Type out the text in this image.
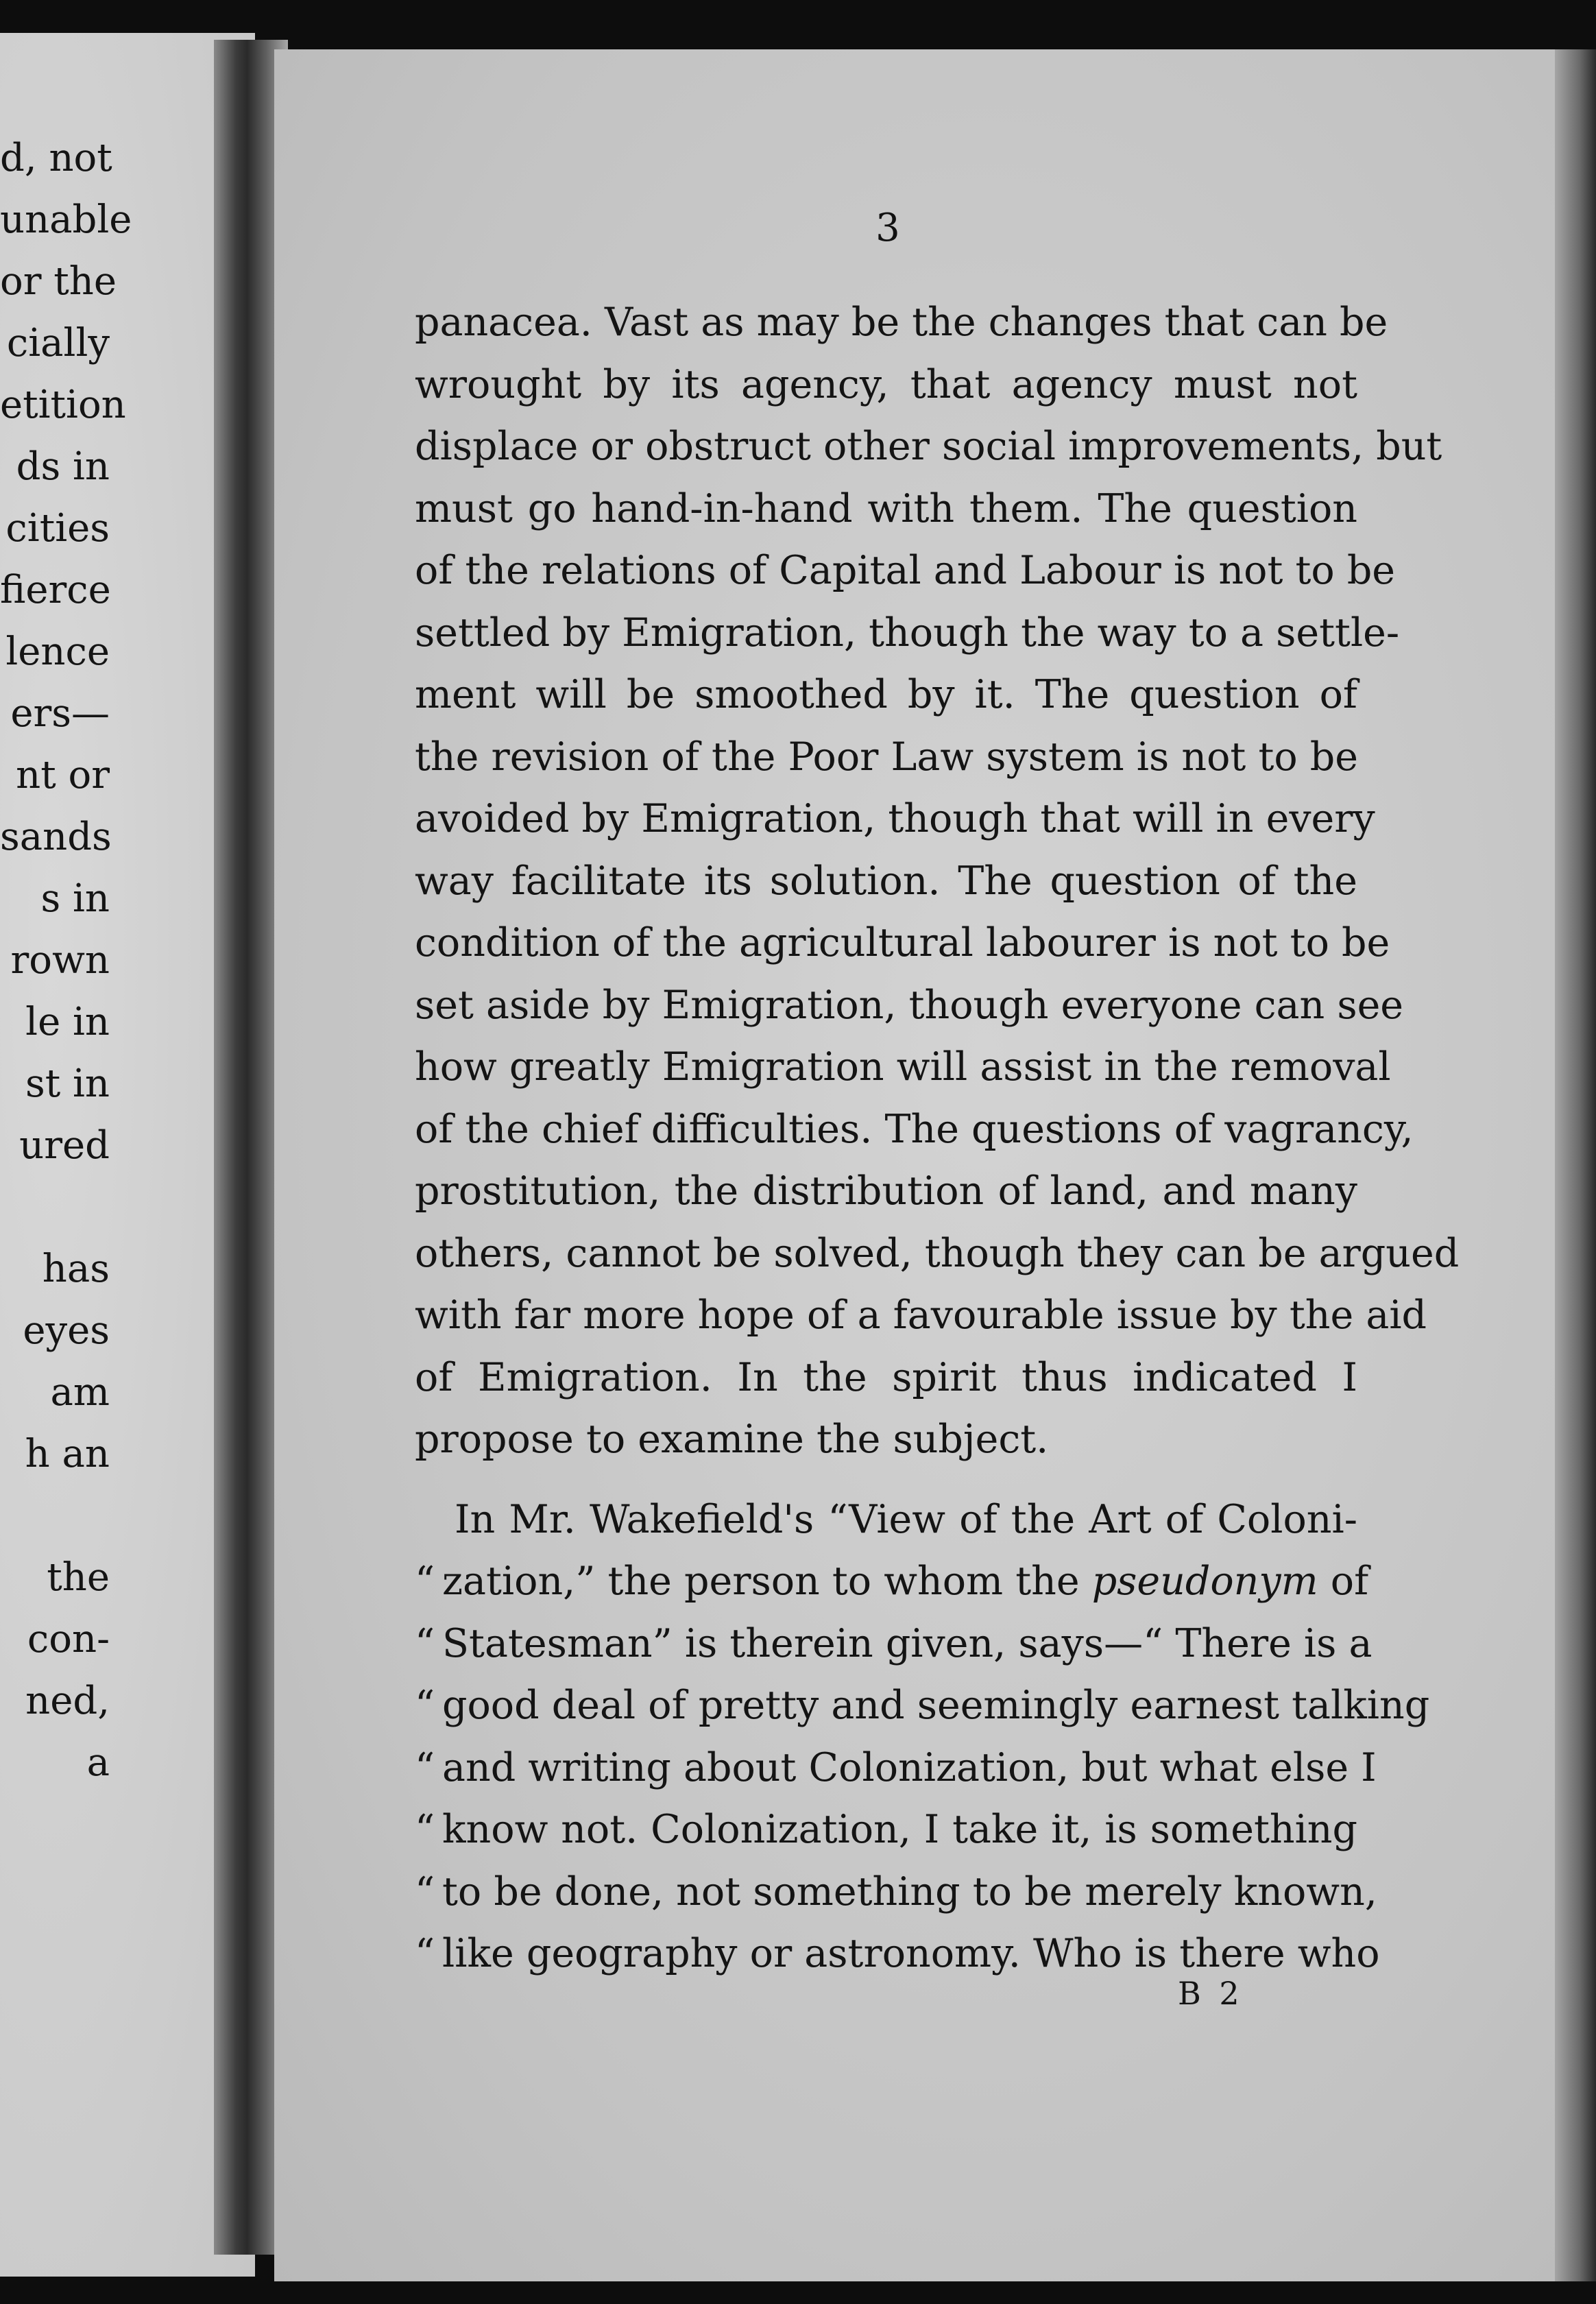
d, not
unable
or the
cially
etition
ds in
cities
fierce
lence
ers—
nt or
sands
s in
rown
le in
st in
ured
has
eyes
am
h an
the
con-
ned,
a
3
panacea. Vast as may be the changes that can be
wrought by its agency, that agency must not
displace or obstruct other social improvements, but
must go hand-in-hand with them. The question
of the relations of Capital and Labour is not to be
settled by Emigration, though the way to a settle-
ment will be smoothed by it. The question of
the revision of the Poor Law system is not to be
avoided by Emigration, though that will in every
way facilitate its solution. The question of the
condition of the agricultural labourer is not to be
set aside by Emigration, though everyone can see
how greatly Emigration will assist in the removal
of the chief difficulties. The questions of vagrancy,
prostitution, the distribution of land, and many
others, cannot be solved, though they can be argued
with far more hope of a favourable issue by the aid
of Emigration. In the spirit thus indicated I
propose to examine the subject.
In Mr. Wakefield's “View of the Art of Coloni-
“ zation,” the person to whom the pseudonym of
“ Statesman” is therein given, says—“ There is a
“ good deal of pretty and seemingly earnest talking
“ and writing about Colonization, but what else I
“ know not. Colonization, I take it, is something
“ to be done, not something to be merely known,
“ like geography or astronomy. Who is there who
B 2
